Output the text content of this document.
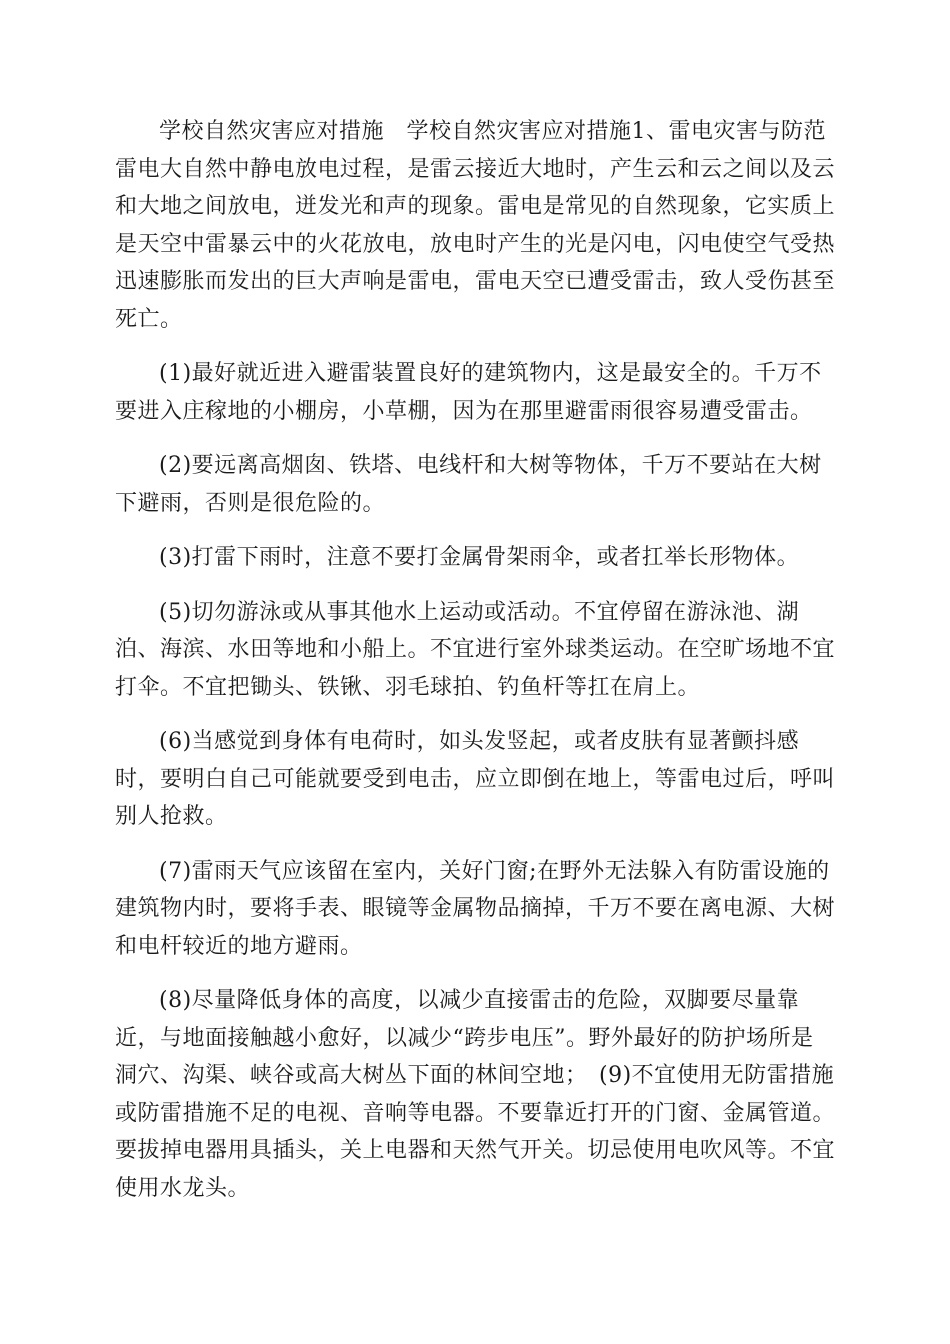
学校自然灾害应对措施　学校自然灾害应对措施1、雷电灾害与防范
雷电大自然中静电放电过程，是雷云接近大地时，产生云和云之间以及云
和大地之间放电，迸发光和声的现象。雷电是常见的自然现象，它实质上
是天空中雷暴云中的火花放电，放电时产生的光是闪电，闪电使空气受热
迅速膨胀而发出的巨大声响是雷电，雷电天空已遭受雷击，致人受伤甚至
死亡。

(1)最好就近进入避雷装置良好的建筑物内，这是最安全的。千万不
要进入庄稼地的小棚房，小草棚，因为在那里避雷雨很容易遭受雷击。

(2)要远离高烟囱、铁塔、电线杆和大树等物体，千万不要站在大树
下避雨，否则是很危险的。

(3)打雷下雨时，注意不要打金属骨架雨伞，或者扛举长形物体。

(5)切勿游泳或从事其他水上运动或活动。不宜停留在游泳池、湖
泊、海滨、水田等地和小船上。不宜进行室外球类运动。在空旷场地不宜
打伞。不宜把锄头、铁锹、羽毛球拍、钓鱼杆等扛在肩上。

(6)当感觉到身体有电荷时，如头发竖起，或者皮肤有显著颤抖感
时，要明白自己可能就要受到电击，应立即倒在地上，等雷电过后，呼叫
别人抢救。

(7)雷雨天气应该留在室内，关好门窗;在野外无法躲入有防雷设施的
建筑物内时，要将手表、眼镜等金属物品摘掉，千万不要在离电源、大树
和电杆较近的地方避雨。

(8)尽量降低身体的高度，以减少直接雷击的危险，双脚要尽量靠
近，与地面接触越小愈好，以减少“跨步电压”。野外最好的防护场所是
洞穴、沟渠、峡谷或高大树丛下面的林间空地；　(9)不宜使用无防雷措施
或防雷措施不足的电视、音响等电器。不要靠近打开的门窗、金属管道。
要拔掉电器用具插头，关上电器和天然气开关。切忌使用电吹风等。不宜
使用水龙头。
